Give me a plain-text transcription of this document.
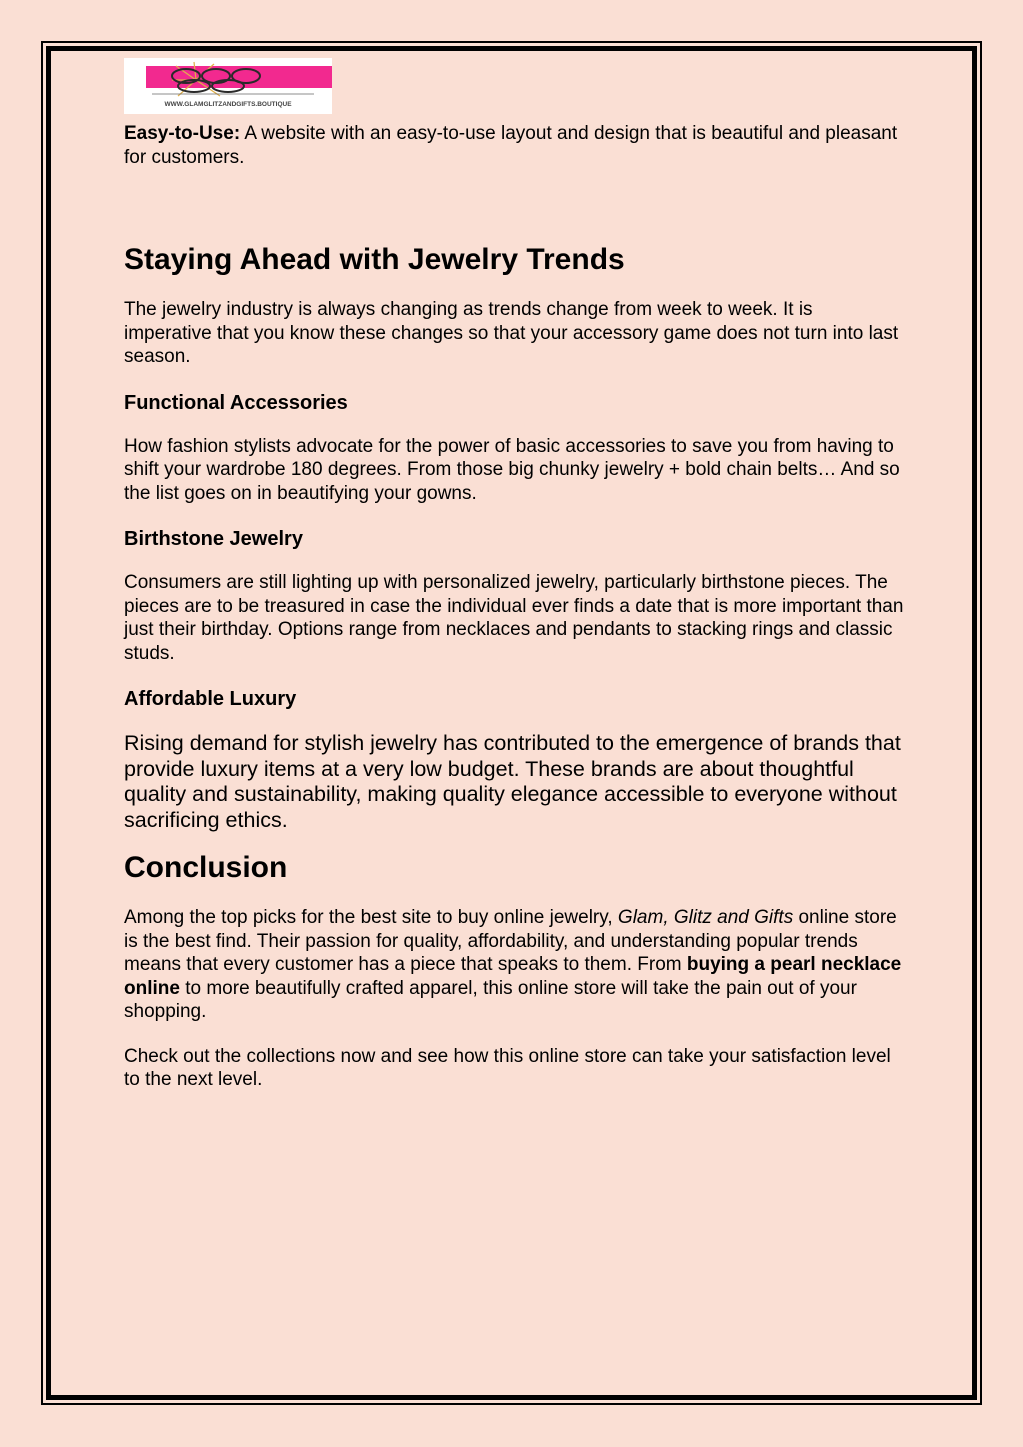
WWW.GLAMGLITZANDGIFTS.BOUTIQUE

Easy-to-Use: A website with an easy-to-use layout and design that is beautiful and pleasant for customers.

Staying Ahead with Jewelry Trends

The jewelry industry is always changing as trends change from week to week. It is imperative that you know these changes so that your accessory game does not turn into last season.

Functional Accessories

How fashion stylists advocate for the power of basic accessories to save you from having to shift your wardrobe 180 degrees. From those big chunky jewelry + bold chain belts… And so the list goes on in beautifying your gowns.

Birthstone Jewelry

Consumers are still lighting up with personalized jewelry, particularly birthstone pieces. The pieces are to be treasured in case the individual ever finds a date that is more important than just their birthday. Options range from necklaces and pendants to stacking rings and classic studs.

Affordable Luxury

Rising demand for stylish jewelry has contributed to the emergence of brands that provide luxury items at a very low budget. These brands are about thoughtful quality and sustainability, making quality elegance accessible to everyone without sacrificing ethics.

Conclusion

Among the top picks for the best site to buy online jewelry, Glam, Glitz and Gifts online store is the best find. Their passion for quality, affordability, and understanding popular trends means that every customer has a piece that speaks to them. From buying a pearl necklace online to more beautifully crafted apparel, this online store will take the pain out of your shopping.

Check out the collections now and see how this online store can take your satisfaction level to the next level.
